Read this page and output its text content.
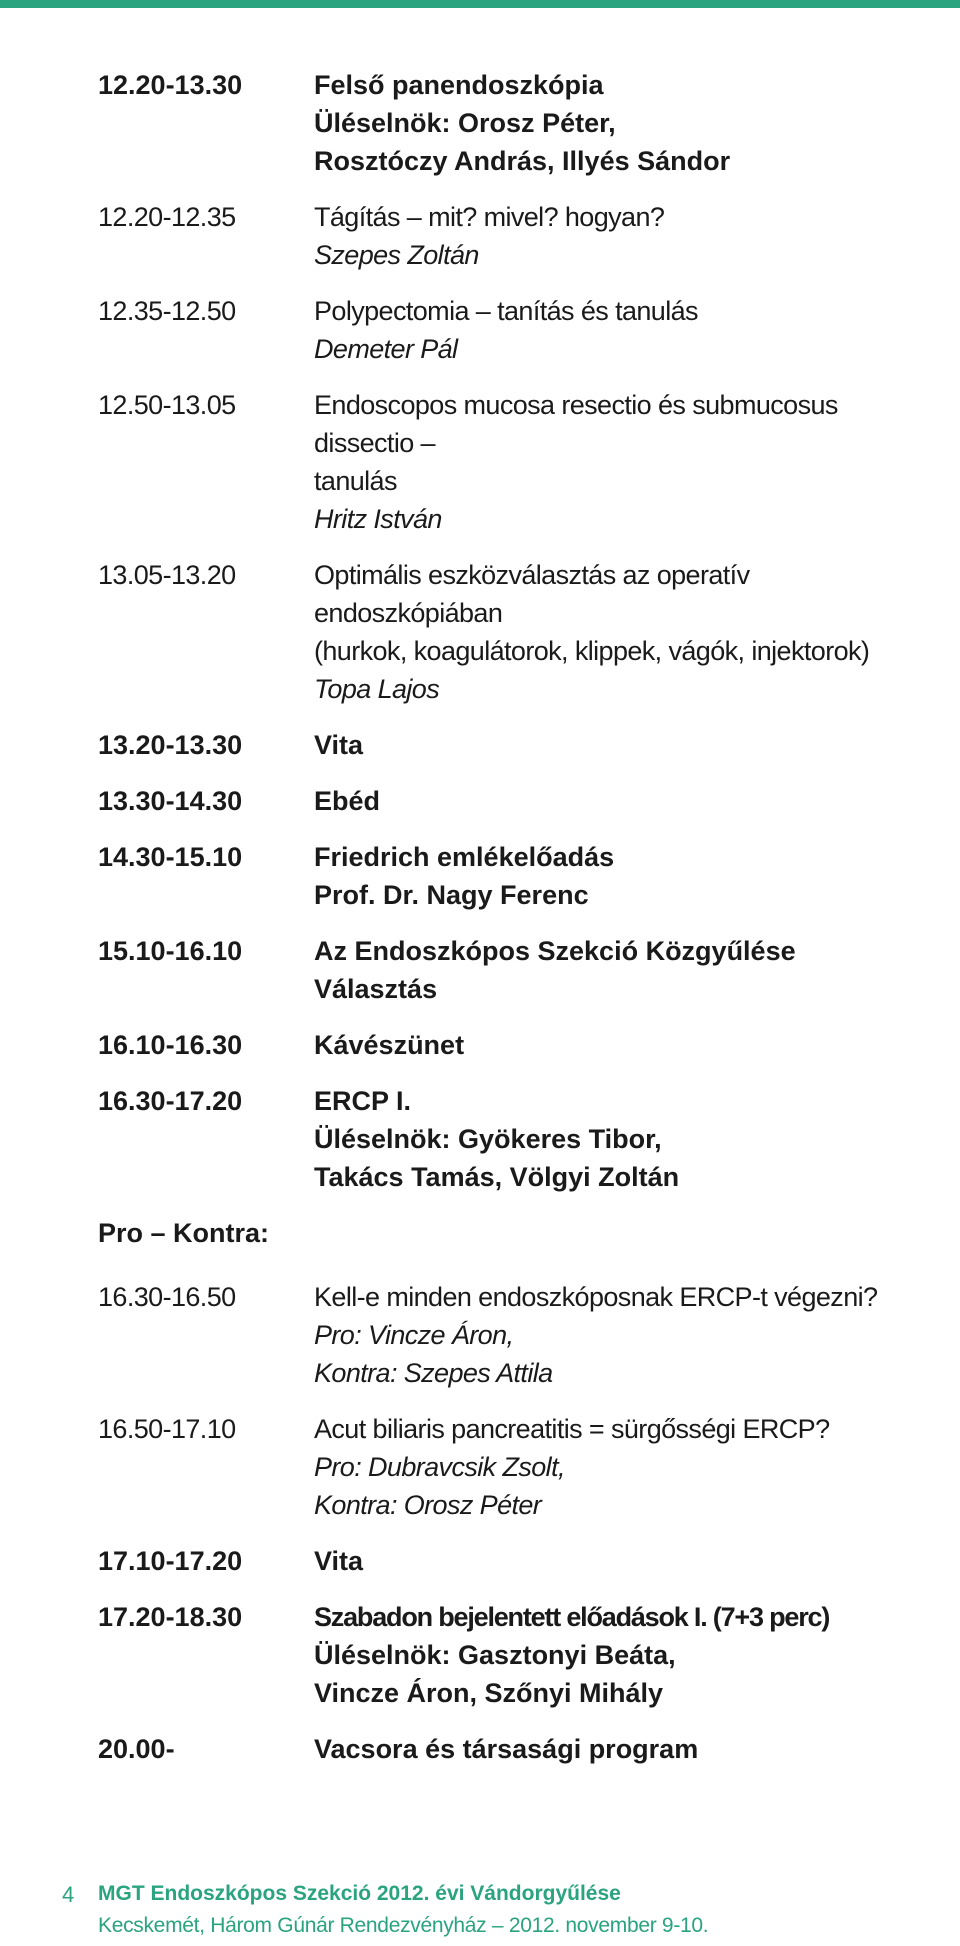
12.20-13.30	Felső panendoszkópia
Üléselnök: Orosz Péter,
Rosztóczy András, Illyés Sándor
12.20-12.35	Tágítás – mit? mivel? hogyan?
Szepes Zoltán
12.35-12.50	Polypectomia – tanítás és tanulás
Demeter Pál
12.50-13.05	Endoscopos mucosa resectio és submucosus dissectio –
tanulás
Hritz István
13.05-13.20	Optimális eszközválasztás az operatív endoszkópiában
(hurkok, koagulátorok, klippek, vágók, injektorok)
Topa Lajos
13.20-13.30	Vita
13.30-14.30	Ebéd
14.30-15.10	Friedrich emlékelőadás
Prof. Dr. Nagy Ferenc
15.10-16.10	Az Endoszkópos Szekció Közgyűlése
Választás
16.10-16.30	Kávészünet
16.30-17.20	ERCP I.
Üléselnök: Gyökeres Tibor,
Takács Tamás, Völgyi Zoltán
Pro – Kontra:
16.30-16.50	Kell-e minden endoszkóposnak ERCP-t végezni?
Pro: Vincze Áron,
Kontra: Szepes Attila
16.50-17.10	Acut biliaris pancreatitis = sürgősségi ERCP?
Pro: Dubravcsik Zsolt,
Kontra: Orosz Péter
17.10-17.20	Vita
17.20-18.30	Szabadon bejelentett előadások I. (7+3 perc)
Üléselnök: Gasztonyi Beáta,
Vincze Áron, Szőnyi Mihály
20.00-	Vacsora és társasági program
4 MGT Endoszkópos Szekció 2012. évi Vándorgyűlése
Kecskemét, Három Gúnár Rendezvényház – 2012. november 9-10.
